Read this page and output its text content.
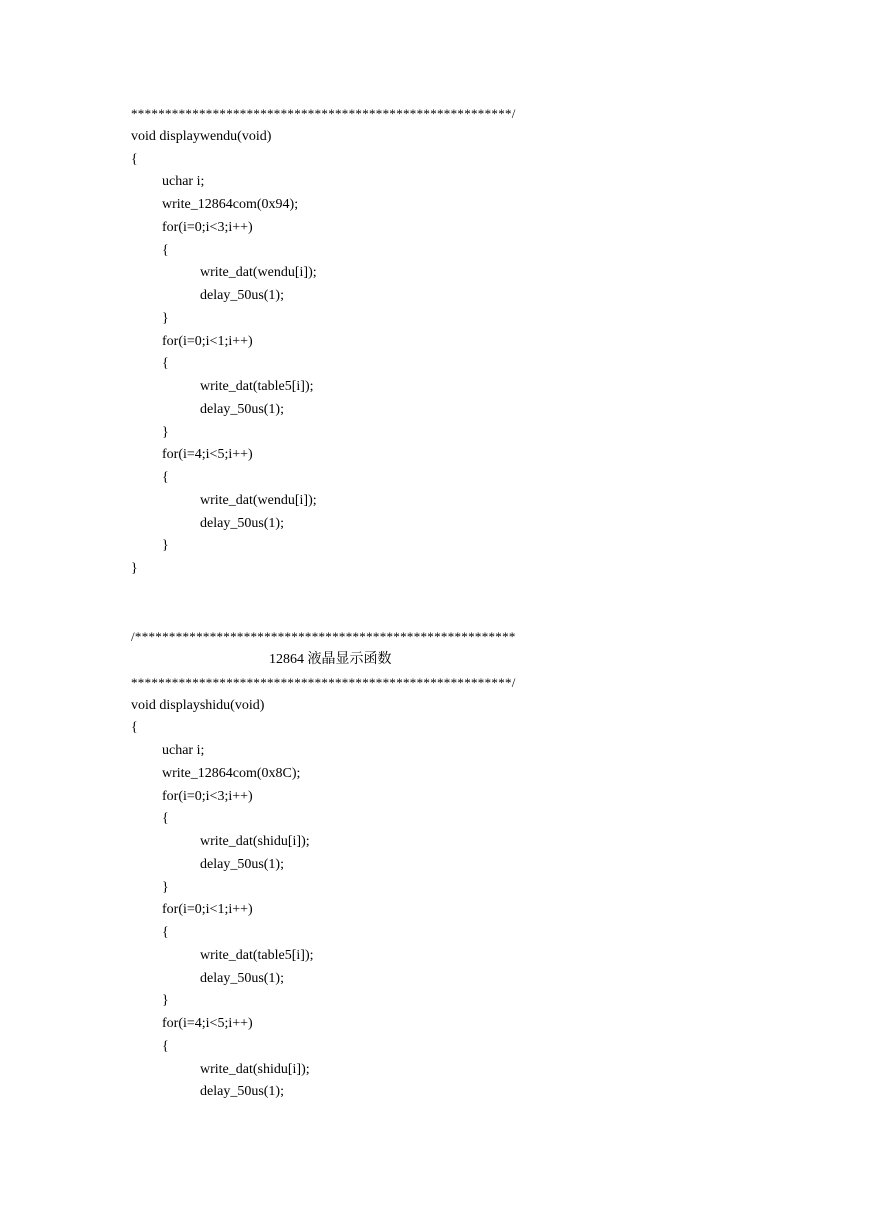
********************************************************/
void displaywendu(void)
{
uchar i;
write_12864com(0x94);
for(i=0;i<3;i++)
{
write_dat(wendu[i]);
delay_50us(1);
}
for(i=0;i<1;i++)
{
write_dat(table5[i]);
delay_50us(1);
}
for(i=4;i<5;i++)
{
write_dat(wendu[i]);
delay_50us(1);
}
}
/********************************************************
12864 液晶显示函数
********************************************************/
void displayshidu(void)
{
uchar i;
write_12864com(0x8C);
for(i=0;i<3;i++)
{
write_dat(shidu[i]);
delay_50us(1);
}
for(i=0;i<1;i++)
{
write_dat(table5[i]);
delay_50us(1);
}
for(i=4;i<5;i++)
{
write_dat(shidu[i]);
delay_50us(1);
